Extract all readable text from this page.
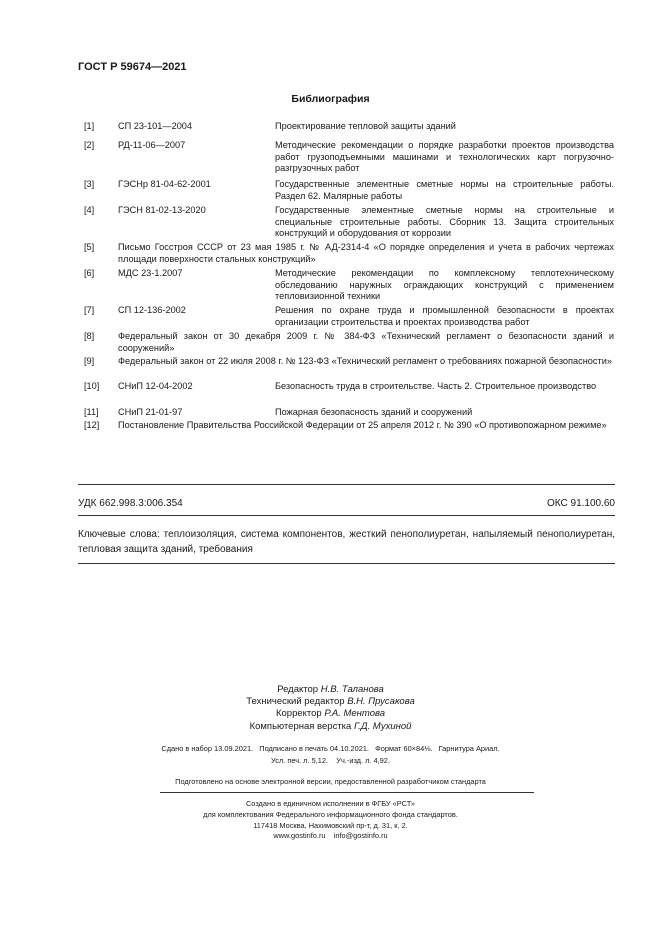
ГОСТ Р 59674—2021
Библиография
[1]	СП 23-101—2004	Проектирование тепловой защиты зданий
[2]	РД-11-06—2007	Методические рекомендации о порядке разработки проектов производства работ грузоподъемными машинами и технологических карт погрузочно-разгрузочных работ
[3]	ГЭСНр 81-04-62-2001	Государственные элементные сметные нормы на строительные работы. Раздел 62. Малярные работы
[4]	ГЭСН 81-02-13-2020	Государственные элементные сметные нормы на строительные и специальные строительные работы. Сборник 13. Защита строительных конструкций и оборудования от коррозии
[5]	Письмо Госстроя СССР от 23 мая 1985 г. № АД-2314-4 «О порядке определения и учета в рабочих чертежах площади поверхности стальных конструкций»
[6]	МДС 23-1.2007	Методические рекомендации по комплексному теплотехническому обследованию наружных ограждающих конструкций с применением тепловизионной техники
[7]	СП 12-136-2002	Решения по охране труда и промышленной безопасности в проектах организации строительства и проектах производства работ
[8]	Федеральный закон от 30 декабря 2009 г. № 384-ФЗ «Технический регламент о безопасности зданий и сооружений»
[9]	Федеральный закон от 22 июля 2008 г. № 123-ФЗ «Технический регламент о требованиях пожарной безопасности»
[10] СНиП 12-04-2002	Безопасность труда в строительстве. Часть 2. Строительное производство
[11] СНиП 21-01-97	Пожарная безопасность зданий и сооружений
[12] Постановление Правительства Российской Федерации от 25 апреля 2012 г. № 390 «О противопожарном режиме»
УДК 662.998.3:006.354	ОКС 91.100.60
Ключевые слова: теплоизоляция, система компонентов, жесткий пенополиуретан, напыляемый пенополиуретан, тепловая защита зданий, требования
Редактор Н.В. Таланова
Технический редактор В.Н. Прусакова
Корректор Р.А. Ментова
Компьютерная верстка Г.Д. Мухиной
Сдано в набор 13.09.2021.   Подписано в печать 04.10.2021.   Формат 60×84⅛.   Гарнитура Ариал.
Усл. печ. л. 5,12.    Уч.-изд. л. 4,92.
Подготовлено на основе электронной версии, предоставленной разработчиком стандарта
Создано в единичном исполнении в ФГБУ «РСТ»
для комплектования Федерального информационного фонда стандартов.
117418 Москва, Нахимовский пр-т, д. 31, к. 2.
www.gostinfo.ru    info@gostinfo.ru
